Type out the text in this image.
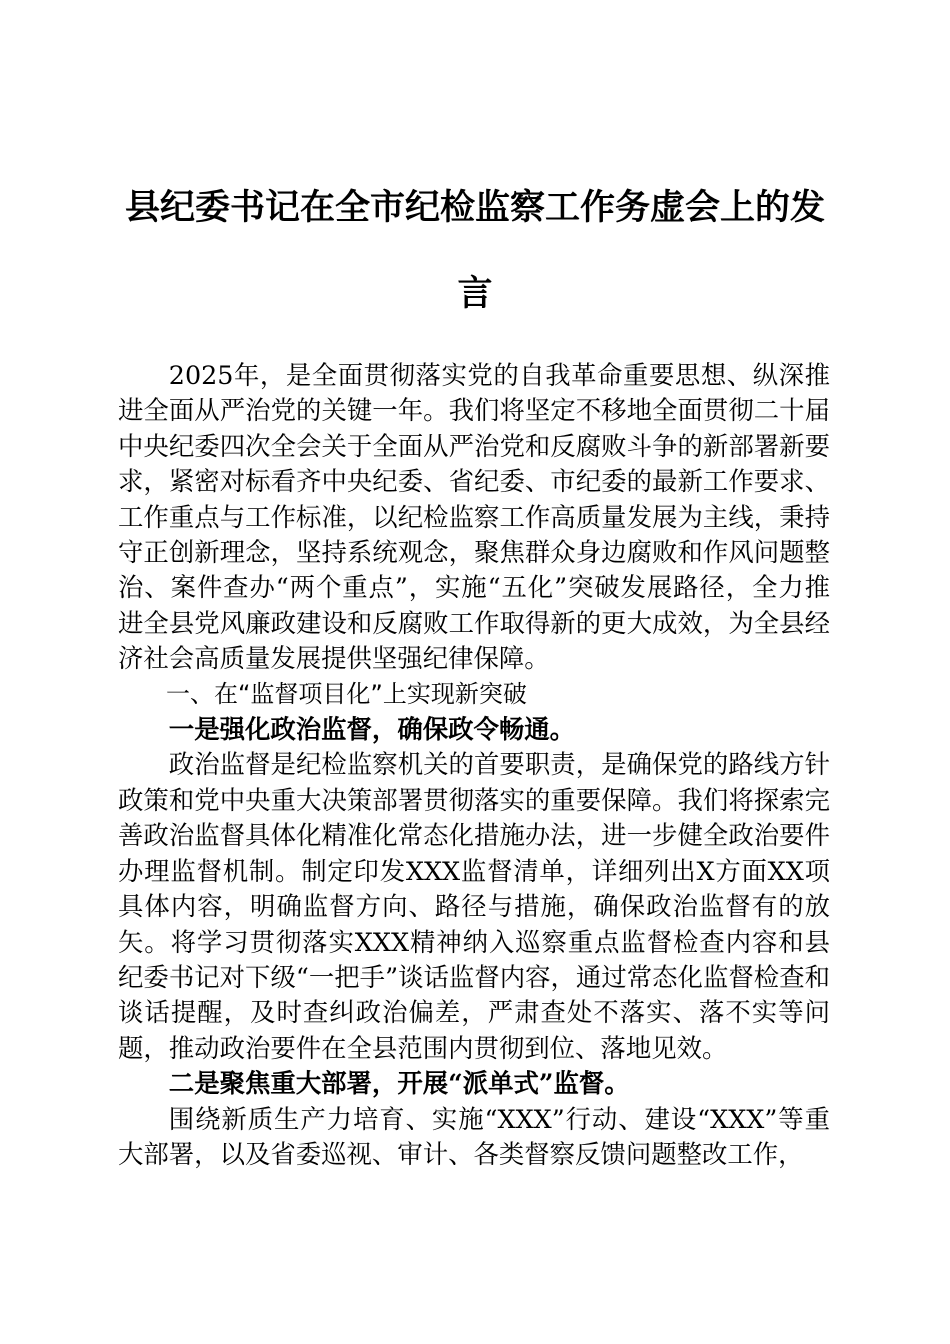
县纪委书记在全市纪检监察工作务虚会上的发言

2025年，是全面贯彻落实党的自我革命重要思想、纵深推进全面从严治党的关键一年。我们将坚定不移地全面贯彻二十届中央纪委四次全会关于全面从严治党和反腐败斗争的新部署新要求，紧密对标看齐中央纪委、省纪委、市纪委的最新工作要求、工作重点与工作标准，以纪检监察工作高质量发展为主线，秉持守正创新理念，坚持系统观念，聚焦群众身边腐败和作风问题整治、案件查办“两个重点”，实施“五化”突破发展路径，全力推进全县党风廉政建设和反腐败工作取得新的更大成效，为全县经济社会高质量发展提供坚强纪律保障。

一、在“监督项目化”上实现新突破

一是强化政治监督，确保政令畅通。

政治监督是纪检监察机关的首要职责，是确保党的路线方针政策和党中央重大决策部署贯彻落实的重要保障。我们将探索完善政治监督具体化精准化常态化措施办法，进一步健全政治要件办理监督机制。制定印发XXX监督清单，详细列出X方面XX项具体内容，明确监督方向、路径与措施，确保政治监督有的放矢。将学习贯彻落实XXX精神纳入巡察重点监督检查内容和县纪委书记对下级“一把手”谈话监督内容，通过常态化监督检查和谈话提醒，及时查纠政治偏差，严肃查处不落实、落不实等问题，推动政治要件在全县范围内贯彻到位、落地见效。

二是聚焦重大部署，开展“派单式”监督。

围绕新质生产力培育、实施“XXX”行动、建设“XXX”等重大部署，以及省委巡视、审计、各类督察反馈问题整改工作，
